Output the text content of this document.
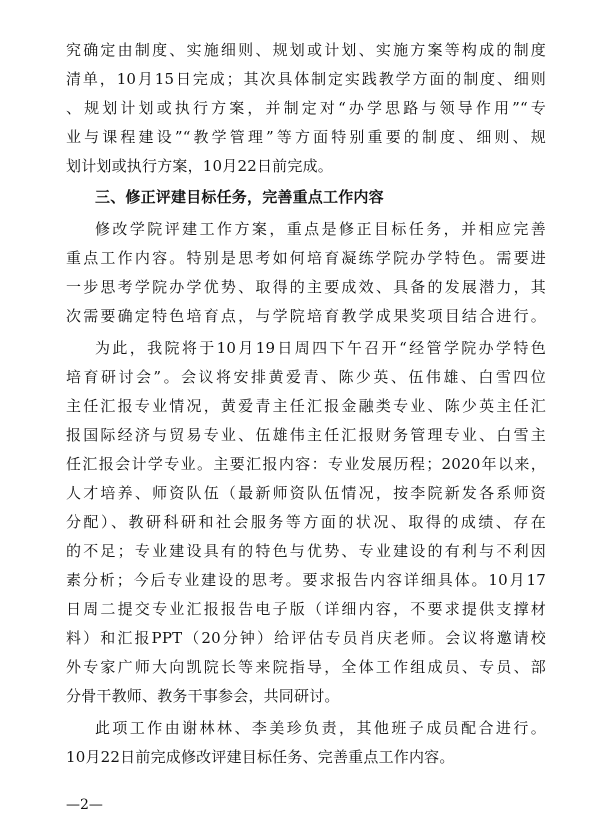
究确定由制度、实施细则、规划或计划、实施方案等构成的制度
清单，10月15日完成；其次具体制定实践教学方面的制度、细则
、规划计划或执行方案，并制定对“办学思路与领导作用”“专
业与课程建设”“教学管理”等方面特别重要的制度、细则、规
划计划或执行方案，10月22日前完成。
三、修正评建目标任务，完善重点工作内容
修改学院评建工作方案，重点是修正目标任务，并相应完善
重点工作内容。特别是思考如何培育凝练学院办学特色。需要进
一步思考学院办学优势、取得的主要成效、具备的发展潜力，其
次需要确定特色培育点，与学院培育教学成果奖项目结合进行。
为此，我院将于10月19日周四下午召开“经管学院办学特色
培育研讨会”。会议将安排黄爱青、陈少英、伍伟雄、白雪四位
主任汇报专业情况，黄爱青主任汇报金融类专业、陈少英主任汇
报国际经济与贸易专业、伍雄伟主任汇报财务管理专业、白雪主
任汇报会计学专业。主要汇报内容：专业发展历程；2020年以来，
人才培养、师资队伍（最新师资队伍情况，按李院新发各系师资
分配）、教研科研和社会服务等方面的状况、取得的成绩、存在
的不足；专业建设具有的特色与优势、专业建设的有利与不利因
素分析；今后专业建设的思考。要求报告内容详细具体。10月17
日周二提交专业汇报报告电子版（详细内容，不要求提供支撑材
料）和汇报PPT（20分钟）给评估专员肖庆老师。会议将邀请校
外专家广师大向凯院长等来院指导，全体工作组成员、专员、部
分骨干教师、教务干事参会，共同研讨。
此项工作由谢林林、李美珍负责，其他班子成员配合进行。
10月22日前完成修改评建目标任务、完善重点工作内容。
—2—
